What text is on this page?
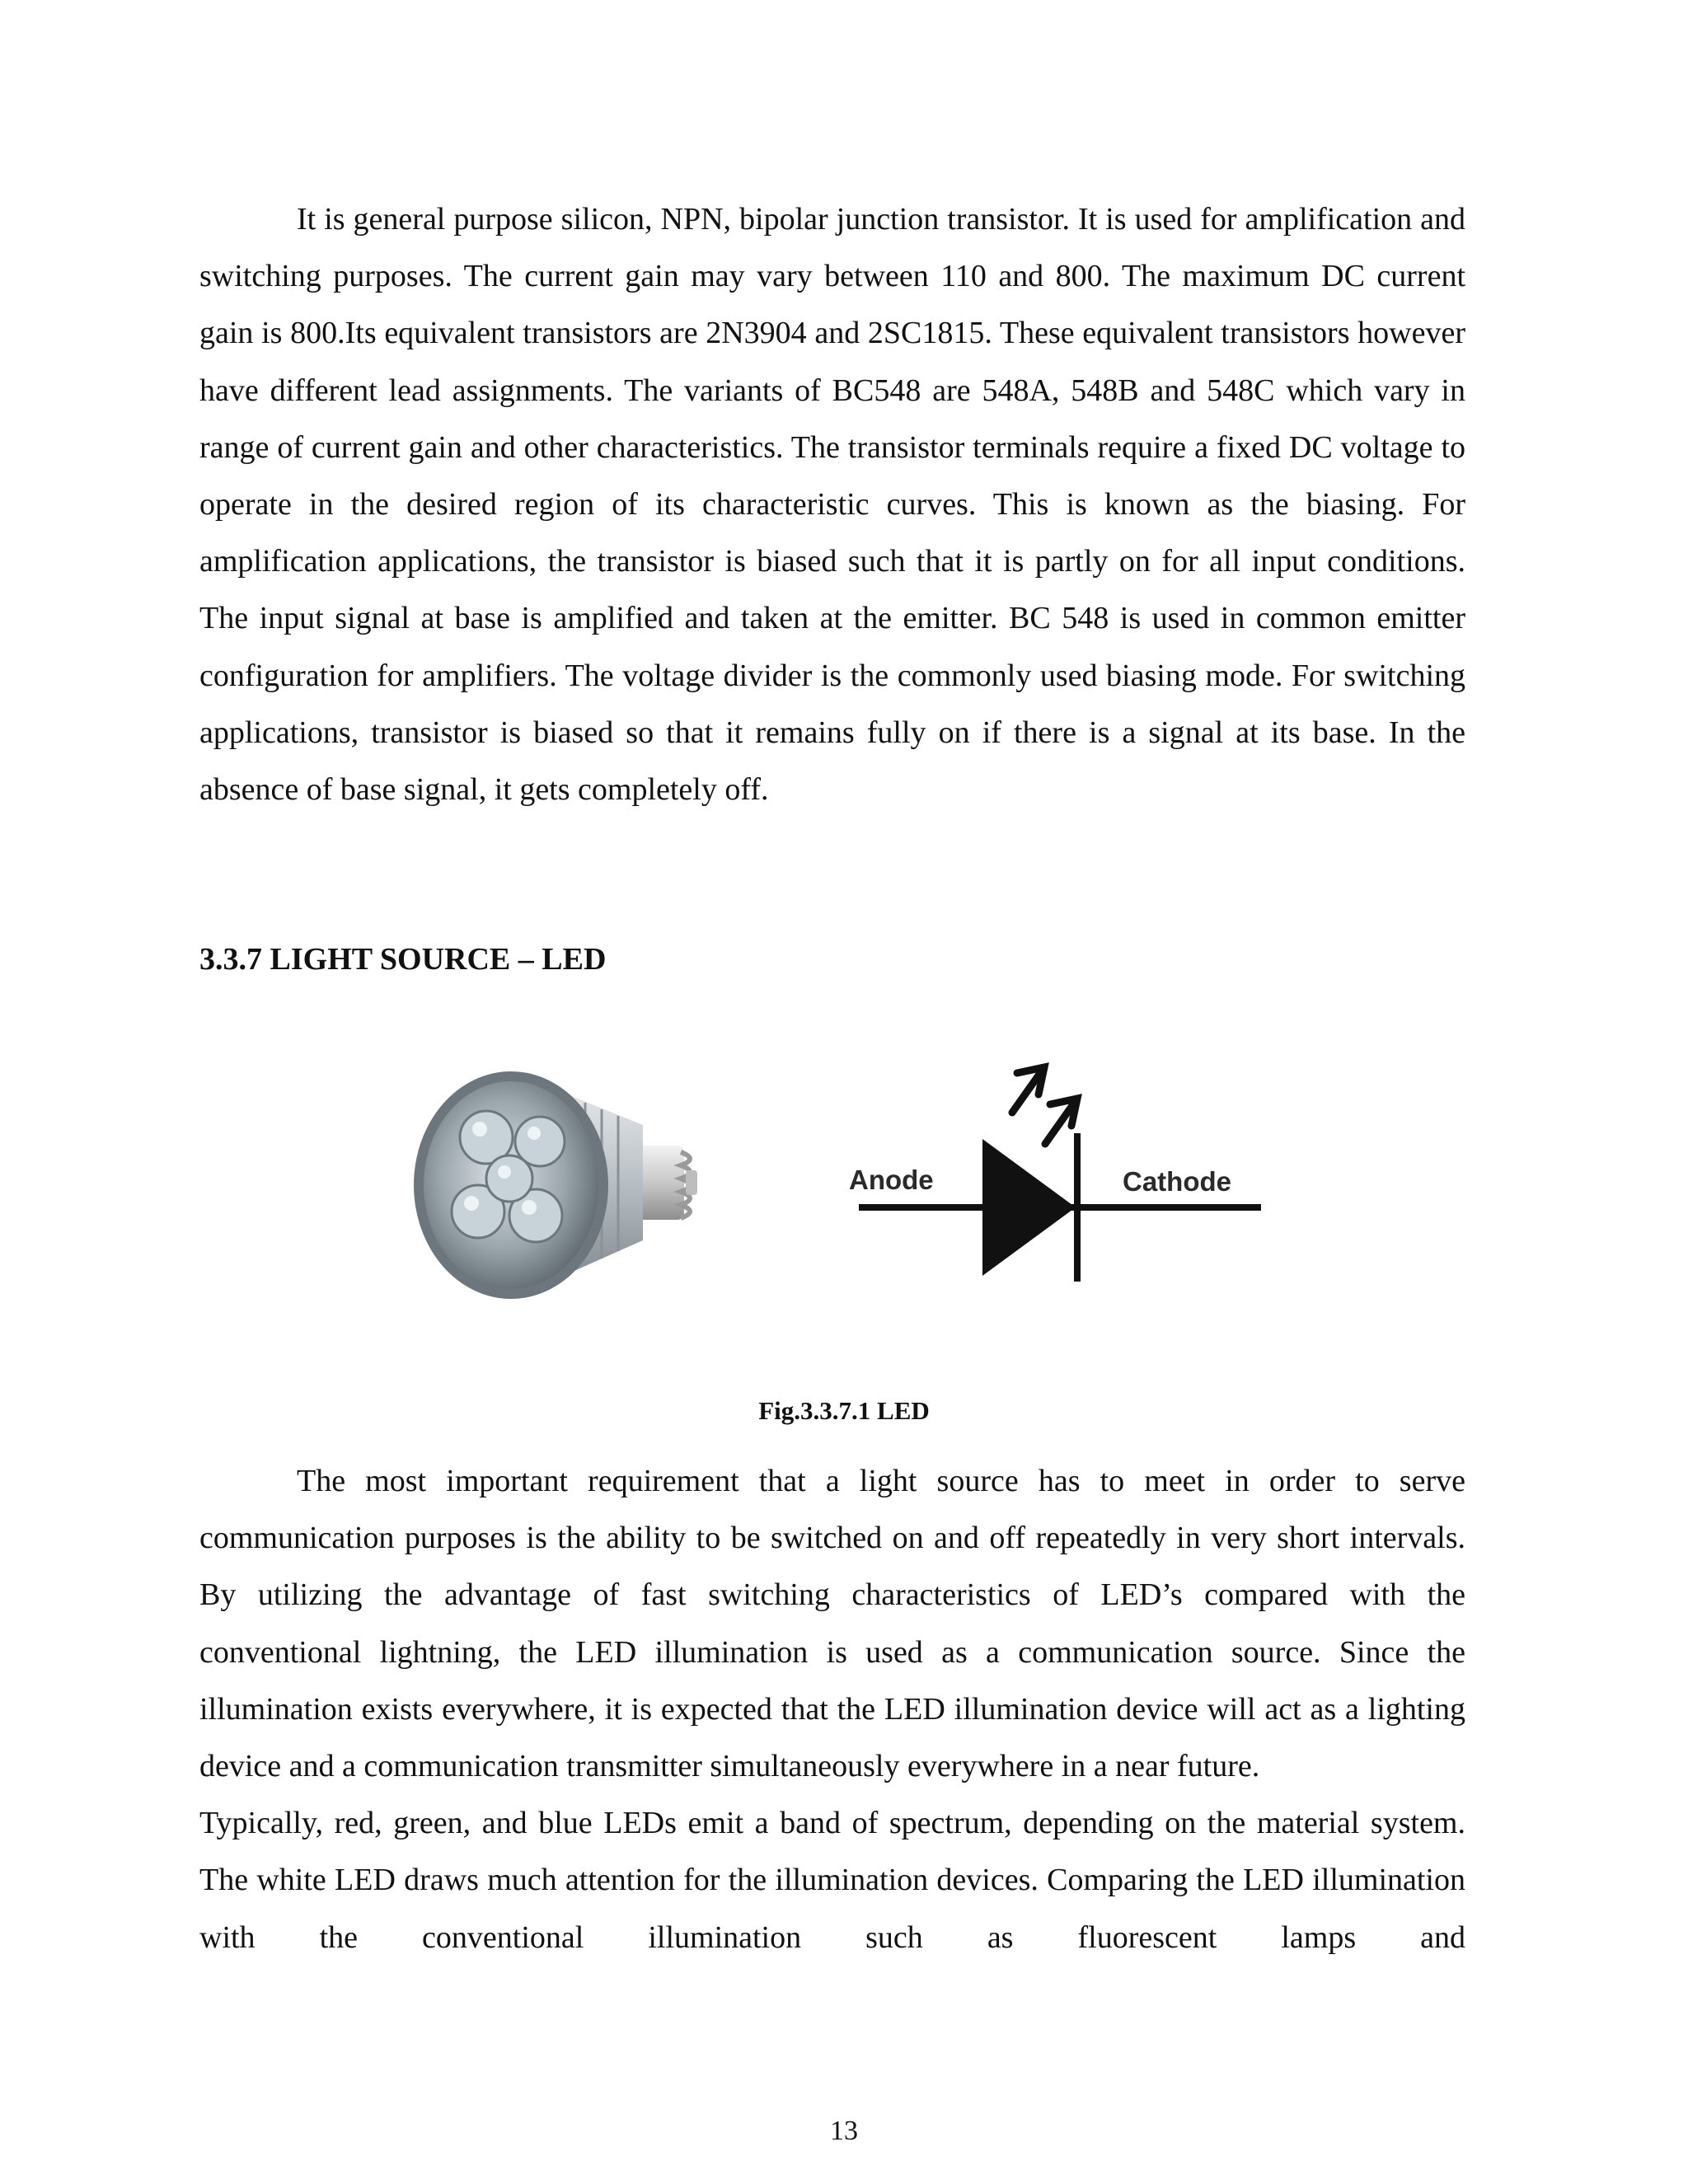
It is general purpose silicon, NPN, bipolar junction transistor. It is used for amplification and switching purposes. The current gain may vary between 110 and 800. The maximum DC current gain is 800.Its equivalent transistors are 2N3904 and 2SC1815. These equivalent transistors however have different lead assignments. The variants of BC548 are 548A, 548B and 548C which vary in range of current gain and other characteristics. The transistor terminals require a fixed DC voltage to operate in the desired region of its characteristic curves. This is known as the biasing. For amplification applications, the transistor is biased such that it is partly on for all input conditions. The input signal at base is amplified and taken at the emitter. BC 548 is used in common emitter configuration for amplifiers. The voltage divider is the commonly used biasing mode. For switching applications, transistor is biased so that it remains fully on if there is a signal at its base. In the absence of base signal, it gets completely off.

3.3.7 LIGHT SOURCE – LED

Anode	Cathode

Fig.3.3.7.1 LED

The most important requirement that a light source has to meet in order to serve communication purposes is the ability to be switched on and off repeatedly in very short intervals. By utilizing the advantage of fast switching characteristics of LED’s compared with the conventional lightning, the LED illumination is used as a communication source. Since the illumination exists everywhere, it is expected that the LED illumination device will act as a lighting device and a communication transmitter simultaneously everywhere in a near future.

Typically, red, green, and blue LEDs emit a band of spectrum, depending on the material system. The white LED draws much attention for the illumination devices. Comparing the LED illumination with the conventional illumination such as fluorescent lamps and

13
